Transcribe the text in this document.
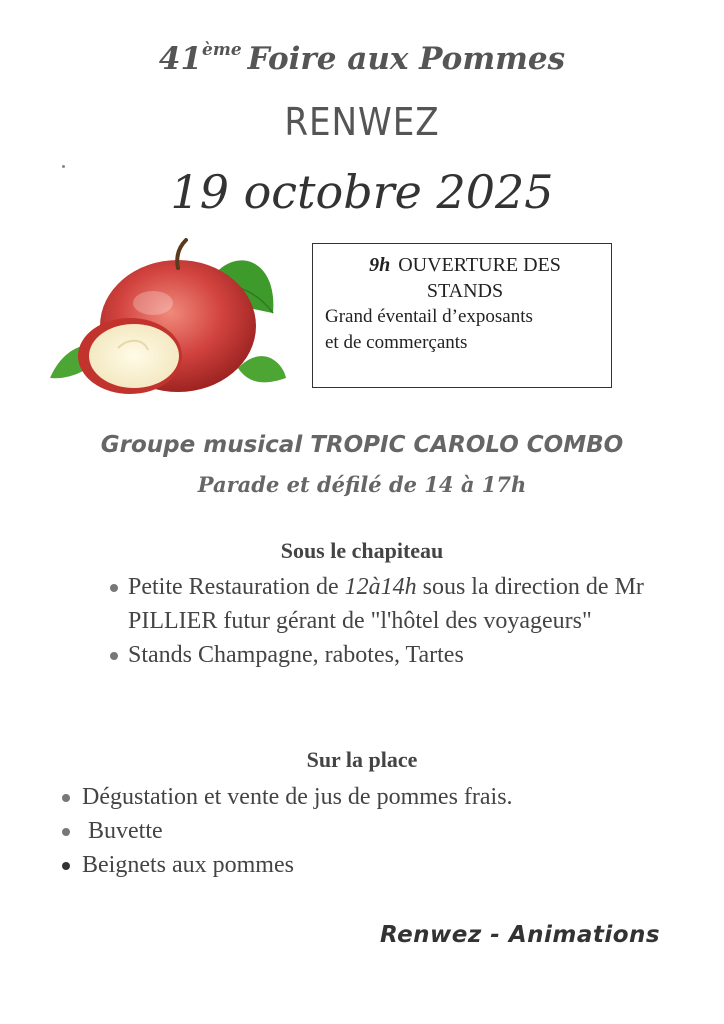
41ème Foire aux Pommes
RENWEZ
19 octobre 2025
9h OUVERTURE DES
STANDS
Grand éventail d’exposants
et de commerçants
Groupe musical TROPIC CAROLO COMBO
Parade et défilé de 14 à 17h
Sous le chapiteau
Petite Restauration de 12à14h sous la direction de Mr PILLIER futur gérant de "l'hôtel des voyageurs"
Stands Champagne, rabotes, Tartes
Sur la place
Dégustation et vente de jus de pommes frais.
Buvette
Beignets aux pommes
Renwez - Animations
